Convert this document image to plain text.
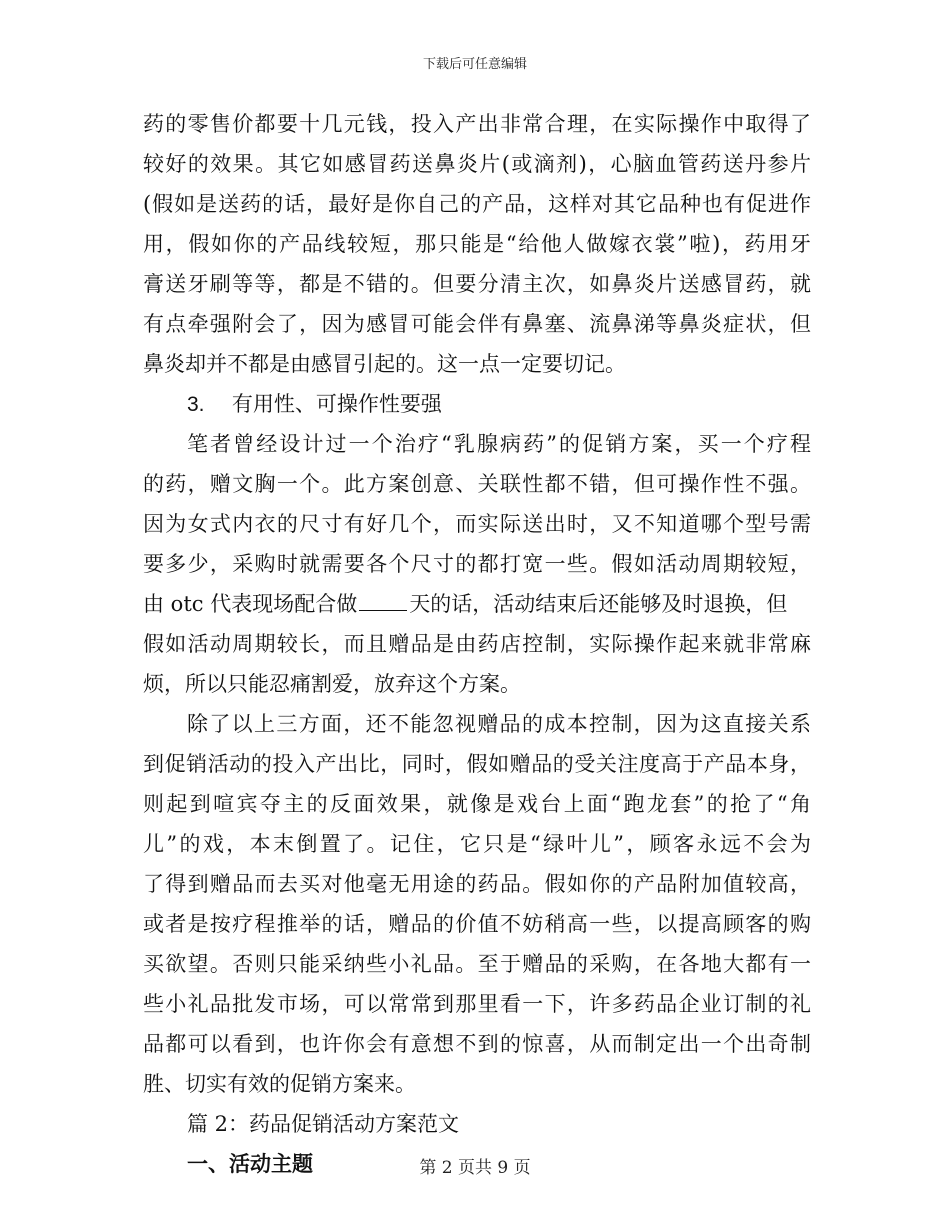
下载后可任意编辑
药的零售价都要十几元钱，投入产出非常合理，在实际操作中取得了
较好的效果。其它如感冒药送鼻炎片(或滴剂)，心脑血管药送丹参片
(假如是送药的话，最好是你自己的产品，这样对其它品种也有促进作
用，假如你的产品线较短，那只能是“给他人做嫁衣裳”啦)，药用牙
膏送牙刷等等，都是不错的。但要分清主次，如鼻炎片送感冒药，就
有点牵强附会了，因为感冒可能会伴有鼻塞、流鼻涕等鼻炎症状，但
鼻炎却并不都是由感冒引起的。这一点一定要切记。
3. 有用性、可操作性要强
笔者曾经设计过一个治疗“乳腺病药”的促销方案，买一个疗程
的药，赠文胸一个。此方案创意、关联性都不错，但可操作性不强。
因为女式内衣的尺寸有好几个，而实际送出时，又不知道哪个型号需
要多少，采购时就需要各个尺寸的都打宽一些。假如活动周期较短，
由 otc 代表现场配合做 天的话，活动结束后还能够及时退换，但
假如活动周期较长，而且赠品是由药店控制，实际操作起来就非常麻
烦，所以只能忍痛割爱，放弃这个方案。
除了以上三方面，还不能忽视赠品的成本控制，因为这直接关系
到促销活动的投入产出比，同时，假如赠品的受关注度高于产品本身，
则起到喧宾夺主的反面效果，就像是戏台上面“跑龙套”的抢了“角
儿”的戏，本末倒置了。记住，它只是“绿叶儿”，顾客永远不会为
了得到赠品而去买对他毫无用途的药品。假如你的产品附加值较高，
或者是按疗程推举的话，赠品的价值不妨稍高一些，以提高顾客的购
买欲望。否则只能采纳些小礼品。至于赠品的采购，在各地大都有一
些小礼品批发市场，可以常常到那里看一下，许多药品企业订制的礼
品都可以看到，也许你会有意想不到的惊喜，从而制定出一个出奇制
胜、切实有效的促销方案来。
篇 2：药品促销活动方案范文
一、活动主题	第 2 页共 9 页
